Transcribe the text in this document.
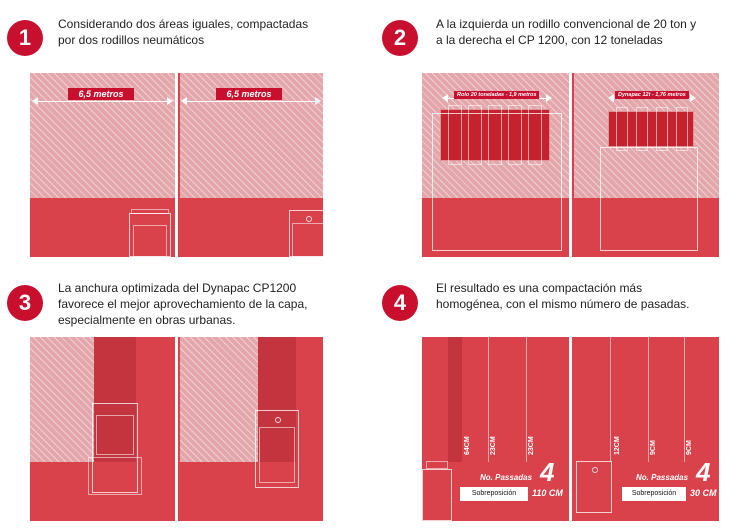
1
Considerando dos áreas iguales, compactadas
por dos rodillos neumáticos
6,5 metros	6,5 metros
2
A la izquierda un rodillo convencional de 20 ton y
a la derecha el CP 1200, con 12 toneladas
Rolo 20 toneladas - 1,9 metros	Dynapac 12t - 1,76 metros
3
La anchura optimizada del Dynapac CP1200
favorece el mejor aprovechamiento de la capa,
especialmente en obras urbanas.
4
El resultado es una compactación más
homogénea, con el mismo número de pasadas.
64CM	23CM	23CM	12CM	9CM	9CM
No. Passadas 4
110 CM
Sobreposición
No. Passadas 4
30 CM
Sobreposición
